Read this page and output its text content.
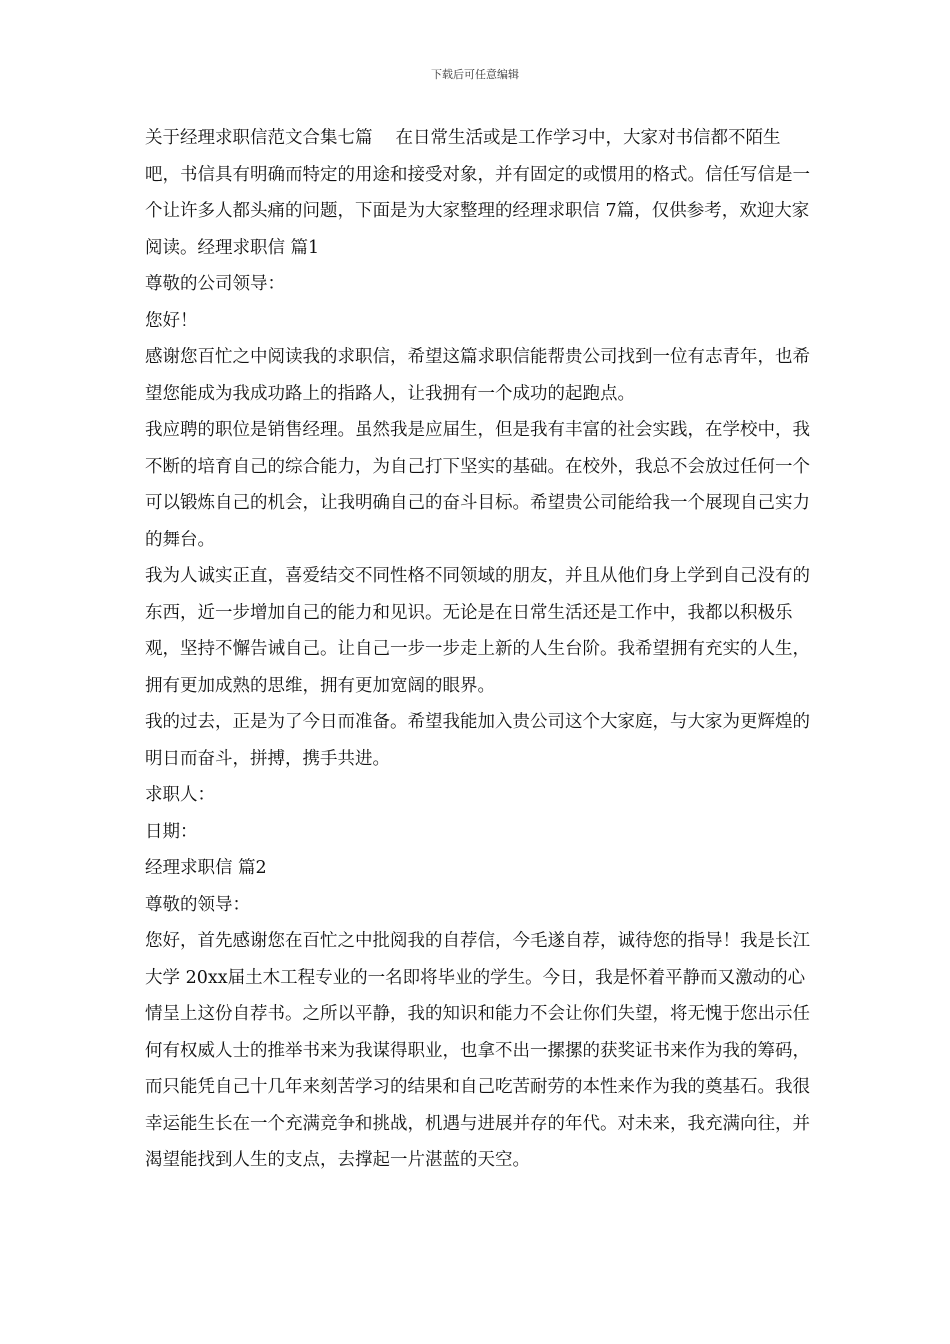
下载后可任意编辑

关于经理求职信范文合集七篇　 在日常生活或是工作学习中，大家对书信都不陌生吧，书信具有明确而特定的用途和接受对象，并有固定的或惯用的格式。信任写信是一个让许多人都头痛的问题，下面是为大家整理的经理求职信 7篇，仅供参考，欢迎大家阅读。经理求职信 篇1

尊敬的公司领导：

您好！

感谢您百忙之中阅读我的求职信，希望这篇求职信能帮贵公司找到一位有志青年，也希望您能成为我成功路上的指路人，让我拥有一个成功的起跑点。

我应聘的职位是销售经理。虽然我是应届生，但是我有丰富的社会实践，在学校中，我不断的培育自己的综合能力，为自己打下坚实的基础。在校外，我总不会放过任何一个可以锻炼自己的机会，让我明确自己的奋斗目标。希望贵公司能给我一个展现自己实力的舞台。

我为人诚实正直，喜爱结交不同性格不同领域的朋友，并且从他们身上学到自己没有的东西，近一步增加自己的能力和见识。无论是在日常生活还是工作中，我都以积极乐观，坚持不懈告诫自己。让自己一步一步走上新的人生台阶。我希望拥有充实的人生，拥有更加成熟的思维，拥有更加宽阔的眼界。

我的过去，正是为了今日而准备。希望我能加入贵公司这个大家庭，与大家为更辉煌的明日而奋斗，拼搏，携手共进。

求职人：

日期：

经理求职信 篇2

尊敬的领导：

您好，首先感谢您在百忙之中批阅我的自荐信，今毛遂自荐，诚待您的指导！我是长江大学 20xx届土木工程专业的一名即将毕业的学生。今日，我是怀着平静而又激动的心情呈上这份自荐书。之所以平静，我的知识和能力不会让你们失望，将无愧于您出示任何有权威人士的推举书来为我谋得职业，也拿不出一摞摞的获奖证书来作为我的筹码，而只能凭自己十几年来刻苦学习的结果和自己吃苦耐劳的本性来作为我的奠基石。我很幸运能生长在一个充满竞争和挑战，机遇与进展并存的年代。对未来，我充满向往，并渴望能找到人生的支点，去撑起一片湛蓝的天空。
